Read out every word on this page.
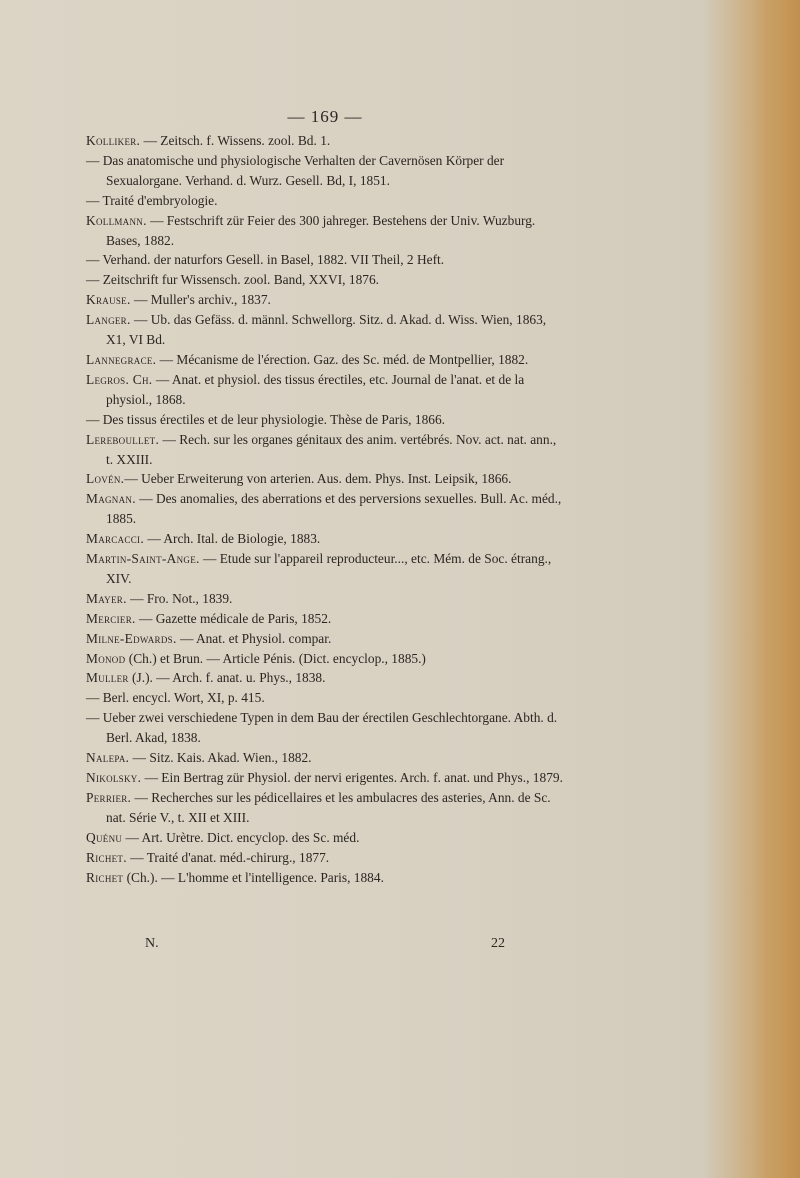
— 169 —

Kolliker. — Zeitsch. f. Wissens. zool. Bd. 1.

— Das anatomische und physiologische Verhalten der Cavernösen Körper der Sexualorgane. Verhand. d. Wurz. Gesell. Bd, I, 1851.

— Traité d'embryologie.

Kollmann. — Festschrift zür Feier des 300 jahreger. Bestehens der Univ. Wuzburg. Bases, 1882.

— Verhand. der naturfors Gesell. in Basel, 1882. VII Theil, 2 Heft.

— Zeitschrift fur Wissensch. zool. Band, XXVI, 1876.

Krause. — Muller's archiv., 1837.

Langer. — Ub. das Gefäss. d. männl. Schwellorg. Sitz. d. Akad. d. Wiss. Wien, 1863, X1, VI Bd.

Lannegrace. — Mécanisme de l'érection. Gaz. des Sc. méd. de Montpellier, 1882.

Legros. Ch. — Anat. et physiol. des tissus érectiles, etc. Journal de l'anat. et de la physiol., 1868.

— Des tissus érectiles et de leur physiologie. Thèse de Paris, 1866.

Lereboullet. — Rech. sur les organes génitaux des anim. vertébrés. Nov. act. nat. ann., t. XXIII.

Lovén.— Ueber Erweiterung von arterien. Aus. dem. Phys. Inst. Leipsik, 1866.

Magnan. — Des anomalies, des aberrations et des perversions sexuelles. Bull. Ac. méd., 1885.

Marcacci. — Arch. Ital. de Biologie, 1883.

Martin-Saint-Ange. — Etude sur l'appareil reproducteur..., etc. Mém. de Soc. étrang., XIV.

Mayer. — Fro. Not., 1839.

Mercier. — Gazette médicale de Paris, 1852.

Milne-Edwards. — Anat. et Physiol. compar.

Monod (Ch.) et Brun. — Article Pénis. (Dict. encyclop., 1885.)

Muller (J.). — Arch. f. anat. u. Phys., 1838.

— Berl. encycl. Wort, XI, p. 415.

— Ueber zwei verschiedene Typen in dem Bau der érectilen Geschlechtorgane. Abth. d. Berl. Akad, 1838.

Nalepa. — Sitz. Kais. Akad. Wien., 1882.

Nikolsky. — Ein Bertrag zür Physiol. der nervi erigentes. Arch. f. anat. und Phys., 1879.

Perrier. — Recherches sur les pédicellaires et les ambulacres des asteries, Ann. de Sc. nat. Série V., t. XII et XIII.

Quénu — Art. Urètre. Dict. encyclop. des Sc. méd.

Richet. — Traité d'anat. méd.-chirurg., 1877.

Richet (Ch.). — L'homme et l'intelligence. Paris, 1884.

N.	22
